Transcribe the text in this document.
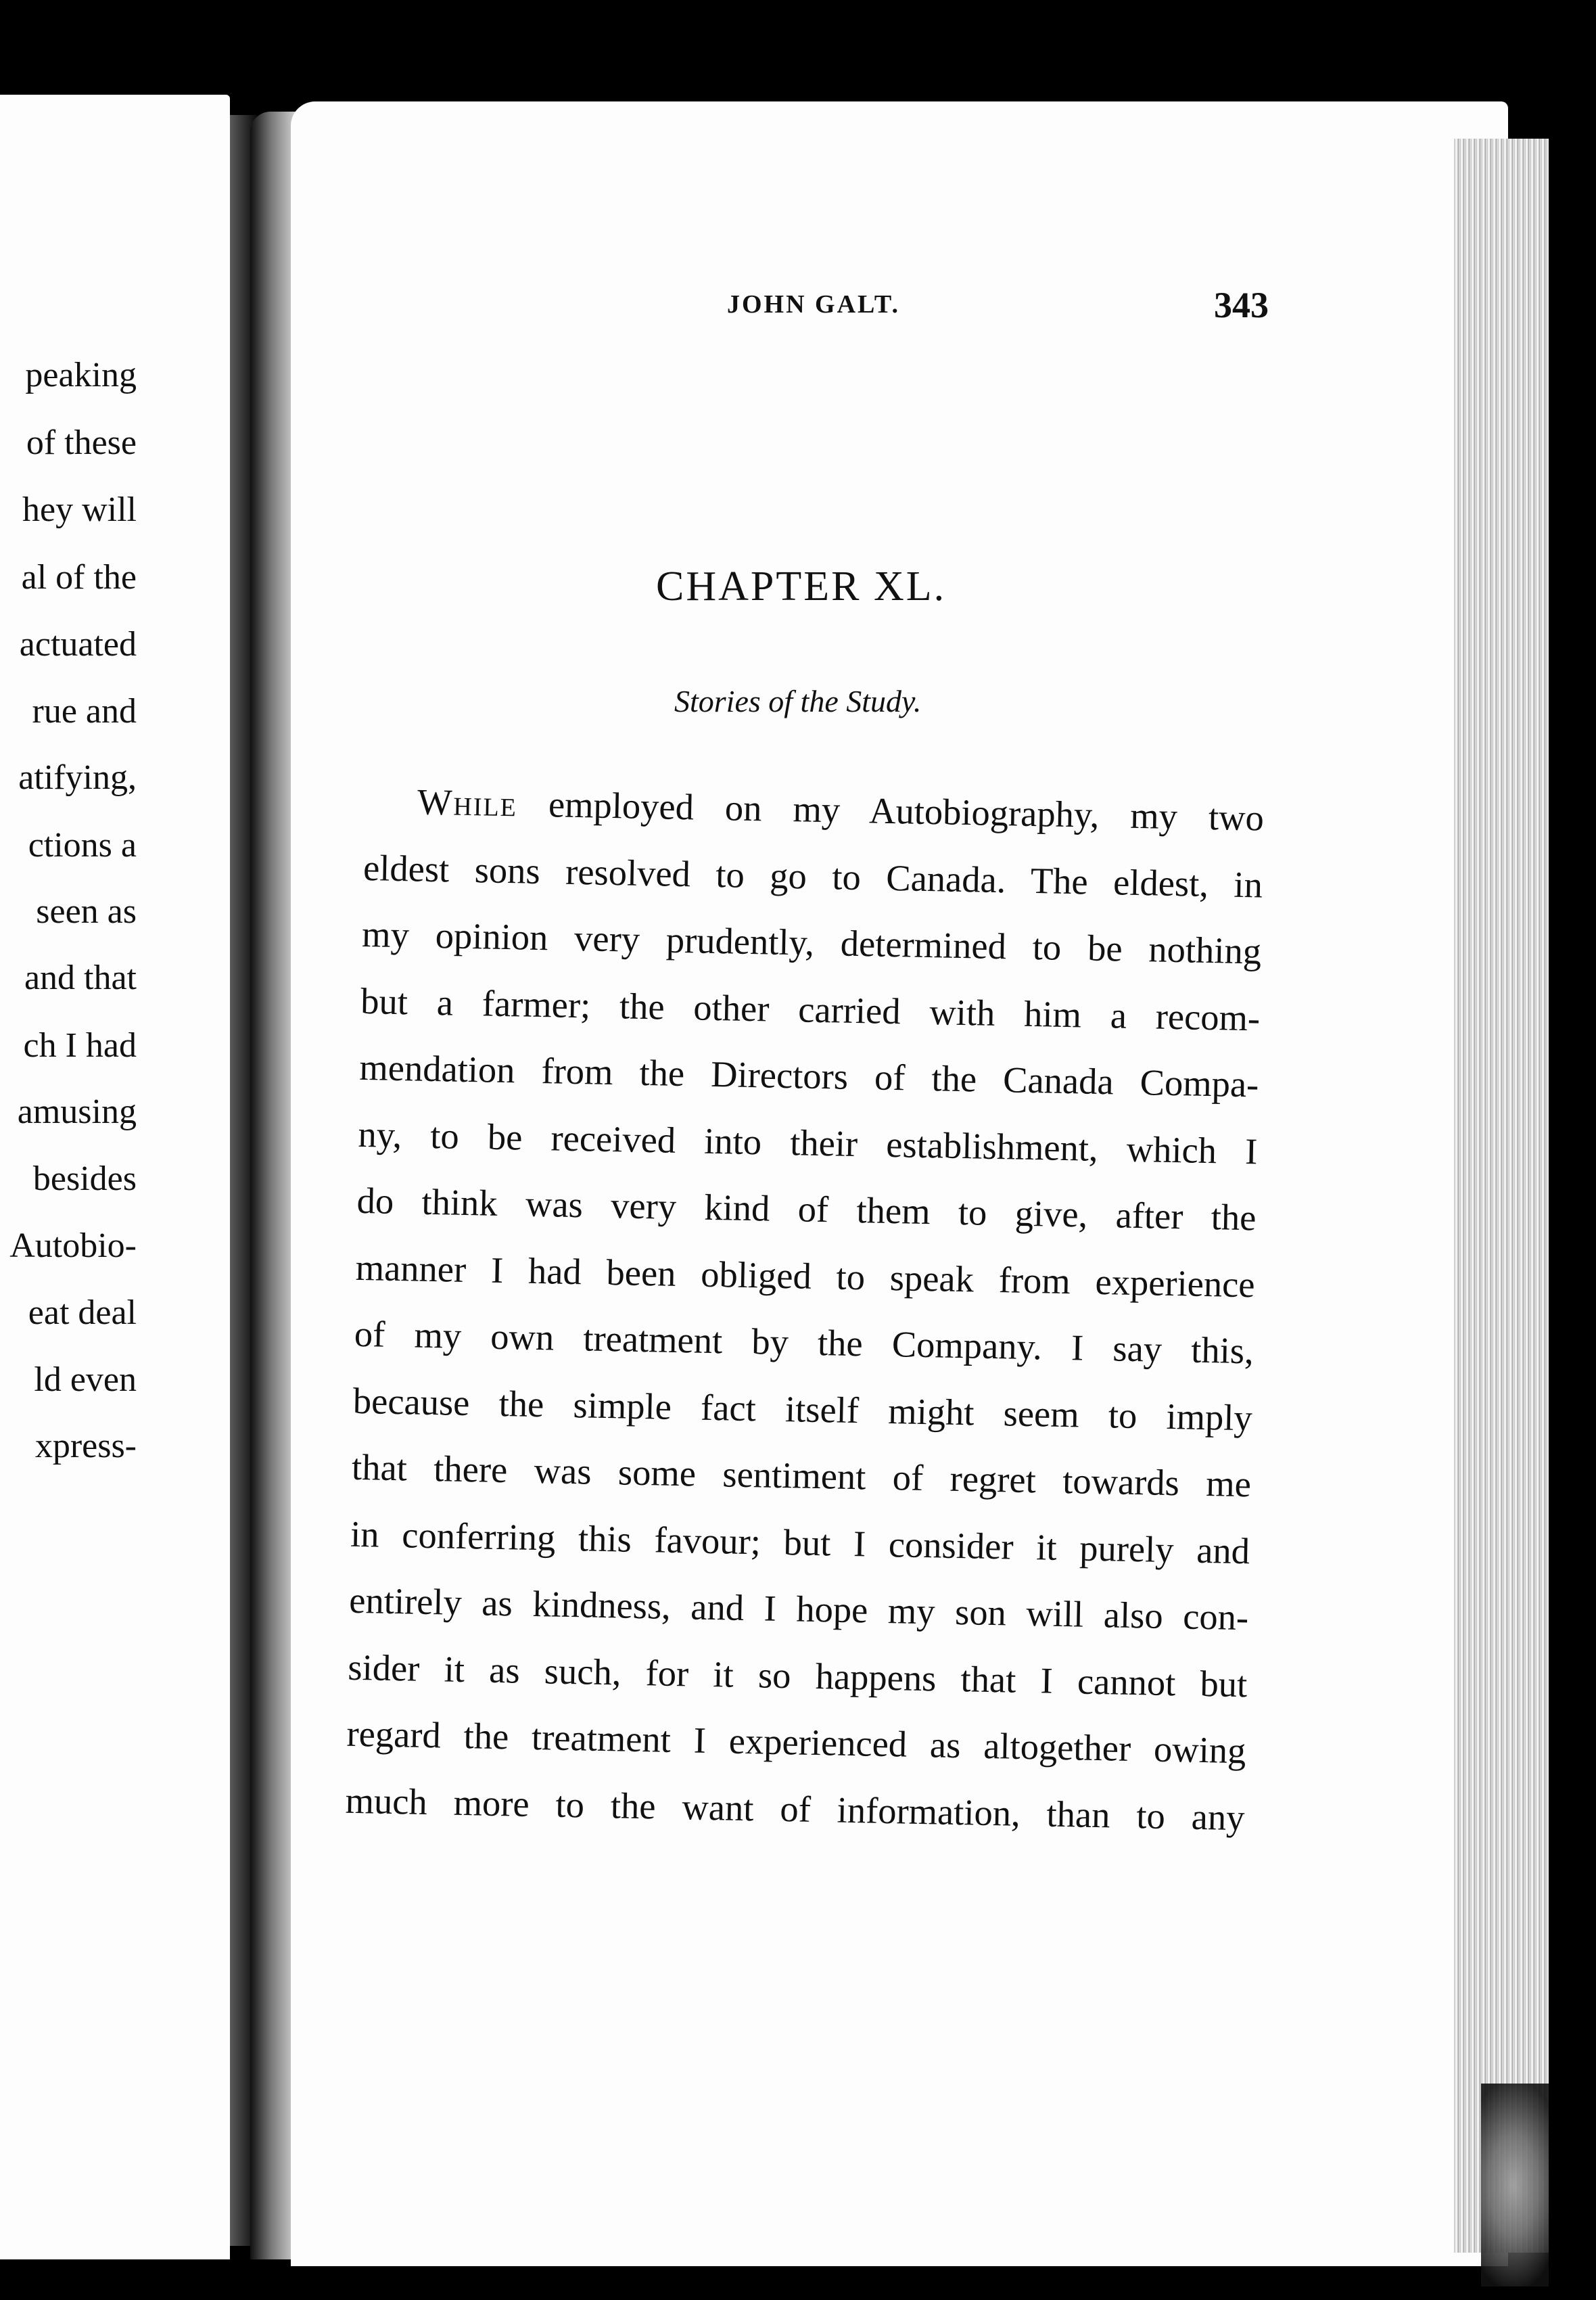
peaking
of these
hey will
al of the
actuated
rue and
atifying,
ctions a
seen as
and that
ch I had
amusing
besides
Autobio-
eat deal
ld even
xpress-
JOHN GALT.	343
CHAPTER XL.
Stories of the Study.
While employed on my Autobiography, my two
eldest sons resolved to go to Canada. The eldest, in
my opinion very prudently, determined to be nothing
but a farmer; the other carried with him a recom-
mendation from the Directors of the Canada Compa-
ny, to be received into their establishment, which I
do think was very kind of them to give, after the
manner I had been obliged to speak from experience
of my own treatment by the Company. I say this,
because the simple fact itself might seem to imply
that there was some sentiment of regret towards me
in conferring this favour; but I consider it purely and
entirely as kindness, and I hope my son will also con-
sider it as such, for it so happens that I cannot but
regard the treatment I experienced as altogether owing
much more to the want of information, than to any
